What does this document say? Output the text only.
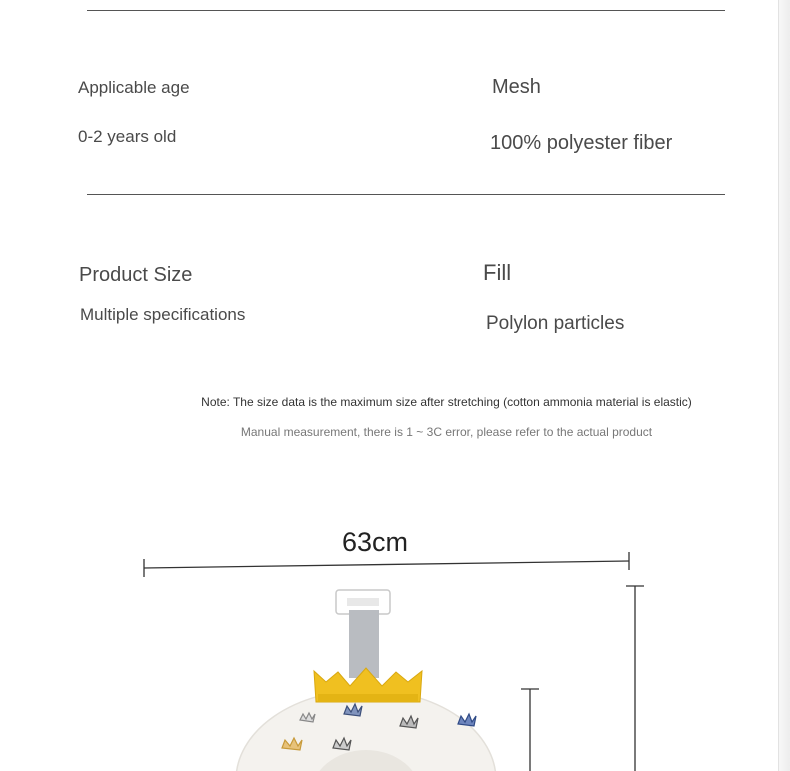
Applicable age
0-2 years old
Mesh
100% polyester fiber
Product Size
Multiple specifications
Fill
Polylon particles
Note: The size data is the maximum size after stretching (cotton ammonia material is elastic)
Manual measurement, there is 1 ~ 3C error, please refer to the actual product
63cm
